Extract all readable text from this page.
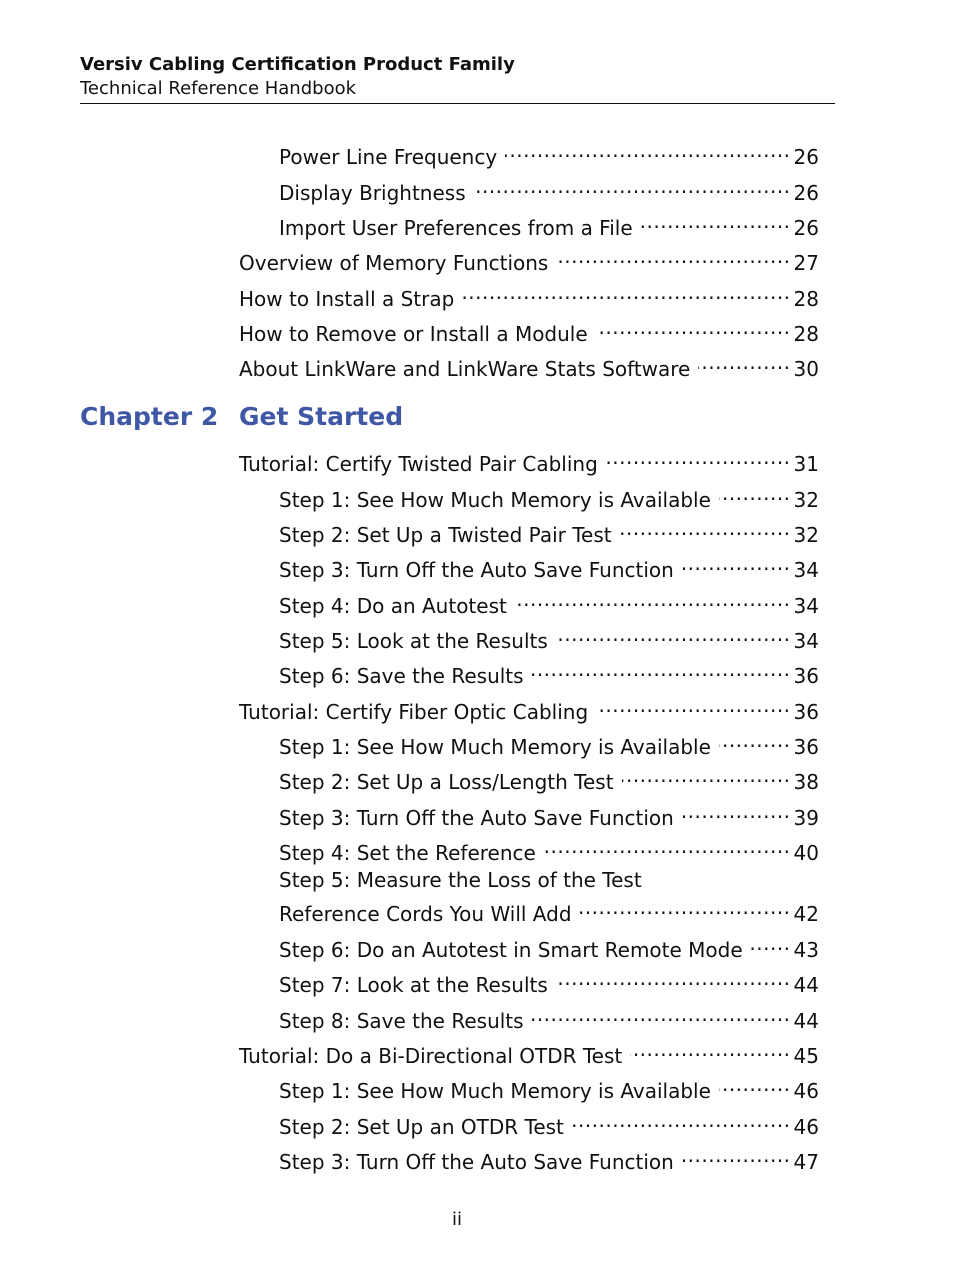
Versiv Cabling Certification Product Family
Technical Reference Handbook
Power Line Frequency .....	26
Display Brightness .....	26
Import User Preferences from a File .....	26
Overview of Memory Functions .....	27
How to Install a Strap .....	28
How to Remove or Install a Module .....	28
About LinkWare and LinkWare Stats Software .....	30
Chapter 2 Get Started
Tutorial: Certify Twisted Pair Cabling .....	31
Step 1: See How Much Memory is Available .....	32
Step 2: Set Up a Twisted Pair Test .....	32
Step 3: Turn Off the Auto Save Function .....	34
Step 4: Do an Autotest .....	34
Step 5: Look at the Results .....	34
Step 6: Save the Results .....	36
Tutorial: Certify Fiber Optic Cabling .....	36
Step 1: See How Much Memory is Available .....	36
Step 2: Set Up a Loss/Length Test .....	38
Step 3: Turn Off the Auto Save Function .....	39
Step 4: Set the Reference .....	40
Step 5: Measure the Loss of the Test
Reference Cords You Will Add .....	42
Step 6: Do an Autotest in Smart Remote Mode .....	43
Step 7: Look at the Results .....	44
Step 8: Save the Results .....	44
Tutorial: Do a Bi-Directional OTDR Test .....	45
Step 1: See How Much Memory is Available .....	46
Step 2: Set Up an OTDR Test .....	46
Step 3: Turn Off the Auto Save Function .....	47
ii
